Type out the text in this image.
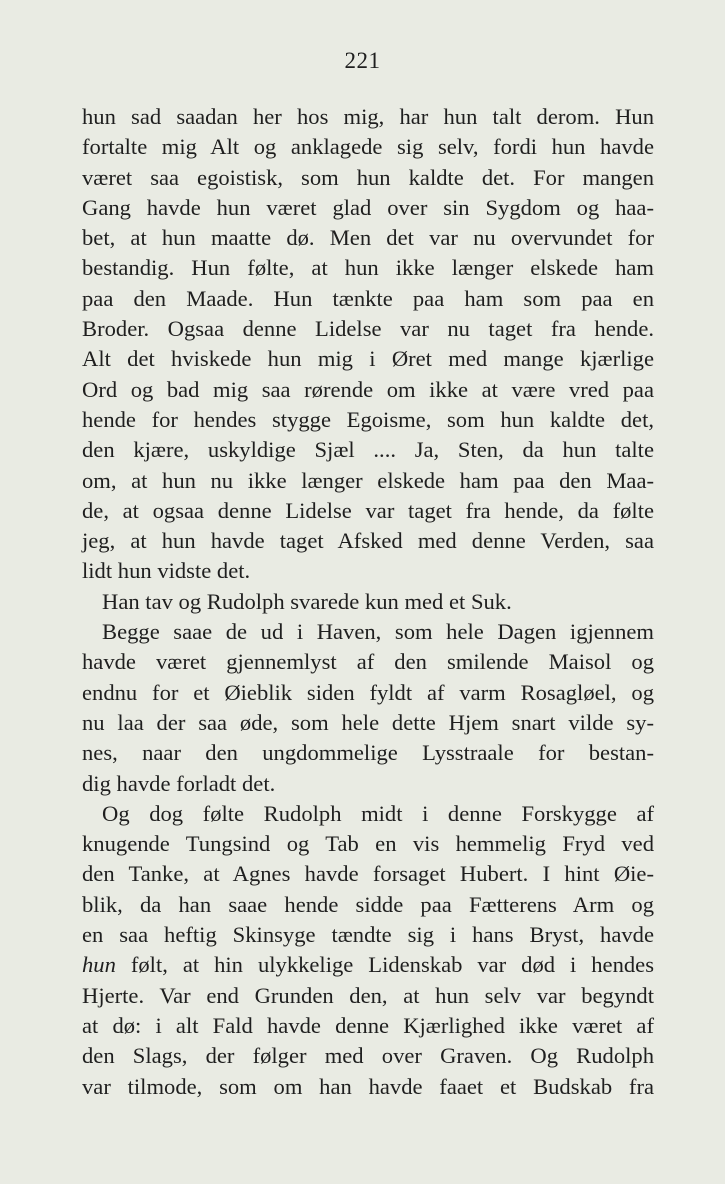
221
hun sad saadan her hos mig, har hun talt derom. Hun
fortalte mig Alt og anklagede sig selv, fordi hun havde
været saa egoistisk, som hun kaldte det. For mangen
Gang havde hun været glad over sin Sygdom og haa-
bet, at hun maatte dø. Men det var nu overvundet for
bestandig. Hun følte, at hun ikke længer elskede ham
paa den Maade. Hun tænkte paa ham som paa en
Broder. Ogsaa denne Lidelse var nu taget fra hende.
Alt det hviskede hun mig i Øret med mange kjærlige
Ord og bad mig saa rørende om ikke at være vred paa
hende for hendes stygge Egoisme, som hun kaldte det,
den kjære, uskyldige Sjæl .... Ja, Sten, da hun talte
om, at hun nu ikke længer elskede ham paa den Maa-
de, at ogsaa denne Lidelse var taget fra hende, da følte
jeg, at hun havde taget Afsked med denne Verden, saa
lidt hun vidste det.
Han tav og Rudolph svarede kun med et Suk.
Begge saae de ud i Haven, som hele Dagen igjennem
havde været gjennemlyst af den smilende Maisol og
endnu for et Øieblik siden fyldt af varm Rosagløel, og
nu laa der saa øde, som hele dette Hjem snart vilde sy-
nes, naar den ungdommelige Lysstraale for bestan-
dig havde forladt det.
Og dog følte Rudolph midt i denne Forskygge af
knugende Tungsind og Tab en vis hemmelig Fryd ved
den Tanke, at Agnes havde forsaget Hubert. I hint Øie-
blik, da han saae hende sidde paa Fætterens Arm og
en saa heftig Skinsyge tændte sig i hans Bryst, havde
hun følt, at hin ulykkelige Lidenskab var død i hendes
Hjerte. Var end Grunden den, at hun selv var begyndt
at dø: i alt Fald havde denne Kjærlighed ikke været af
den Slags, der følger med over Graven. Og Rudolph
var tilmode, som om han havde faaet et Budskab fra
